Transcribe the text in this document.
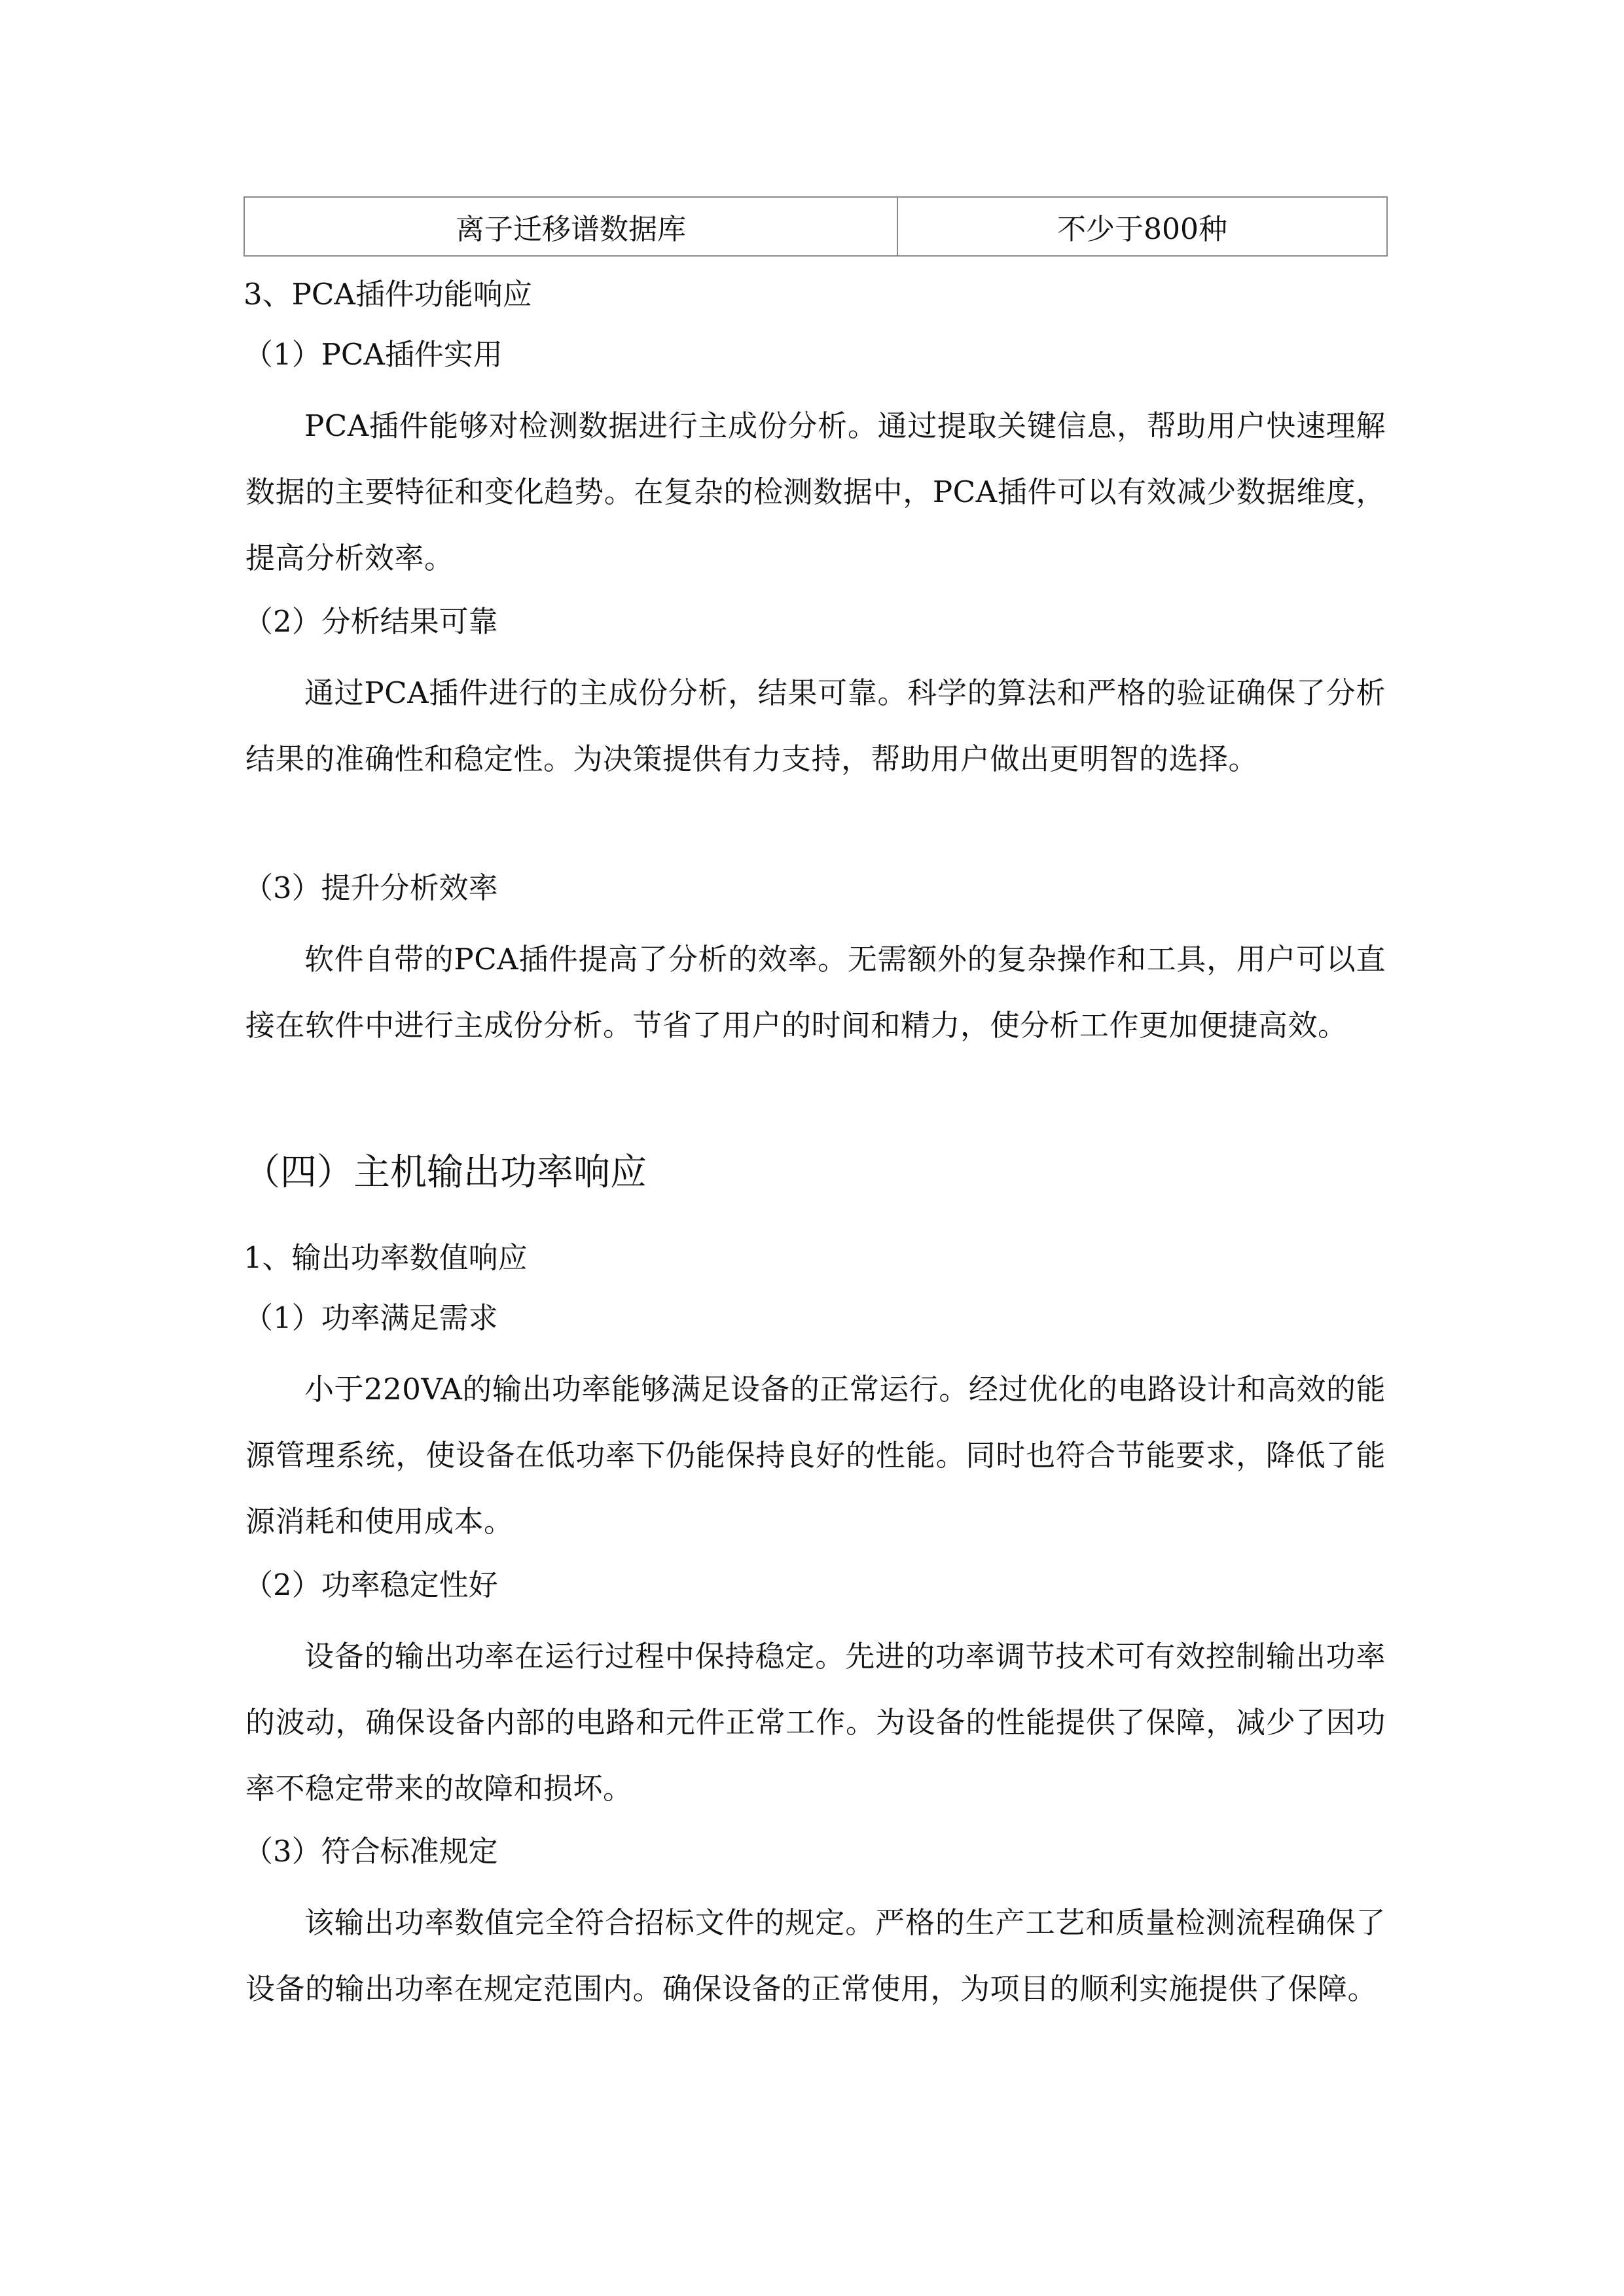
离子迁移谱数据库	不少于800种

3、PCA插件功能响应

（1）PCA插件实用

PCA插件能够对检测数据进行主成份分析。通过提取关键信息，帮助用户快速理解数据的主要特征和变化趋势。在复杂的检测数据中，PCA插件可以有效减少数据维度，提高分析效率。

（2）分析结果可靠

通过PCA插件进行的主成份分析，结果可靠。科学的算法和严格的验证确保了分析结果的准确性和稳定性。为决策提供有力支持，帮助用户做出更明智的选择。

（3）提升分析效率

软件自带的PCA插件提高了分析的效率。无需额外的复杂操作和工具，用户可以直接在软件中进行主成份分析。节省了用户的时间和精力，使分析工作更加便捷高效。

（四）主机输出功率响应

1、输出功率数值响应

（1）功率满足需求

小于220VA的输出功率能够满足设备的正常运行。经过优化的电路设计和高效的能源管理系统，使设备在低功率下仍能保持良好的性能。同时也符合节能要求，降低了能源消耗和使用成本。

（2）功率稳定性好

设备的输出功率在运行过程中保持稳定。先进的功率调节技术可有效控制输出功率的波动，确保设备内部的电路和元件正常工作。为设备的性能提供了保障，减少了因功率不稳定带来的故障和损坏。

（3）符合标准规定

该输出功率数值完全符合招标文件的规定。严格的生产工艺和质量检测流程确保了设备的输出功率在规定范围内。确保设备的正常使用，为项目的顺利实施提供了保障。
